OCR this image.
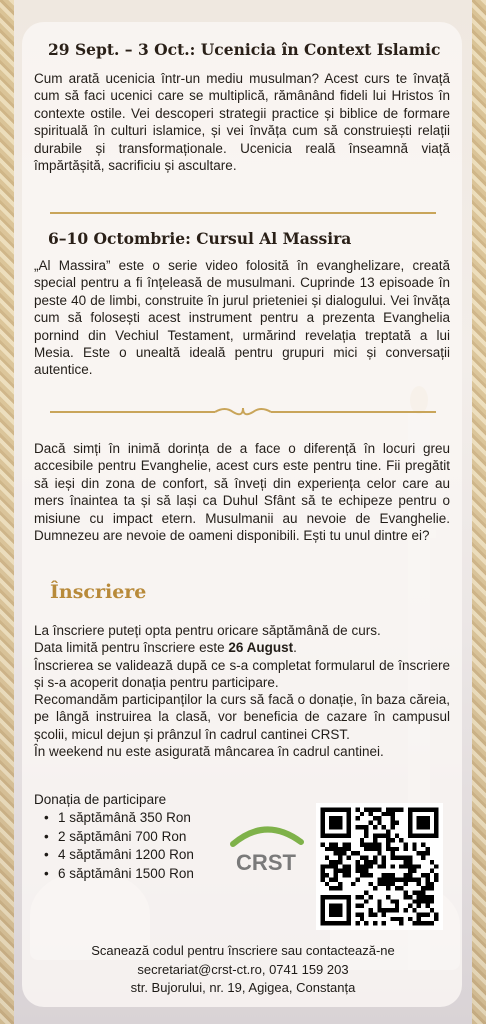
29 Sept. – 3 Oct.: Ucenicia în Context Islamic

Cum arată ucenicia într-un mediu musulman? Acest curs te învață cum să faci ucenici care se multiplică, rămânând fideli lui Hristos în contexte ostile. Vei descoperi strategii practice și biblice de formare spirituală în culturi islamice, și vei învăța cum să construiești relații durabile și transformaționale. Ucenicia reală înseamnă viață împărtășită, sacrificiu și ascultare.

6–10 Octombrie: Cursul Al Massira

„Al Massira” este o serie video folosită în evanghelizare, creată special pentru a fi înțeleasă de musulmani. Cuprinde 13 episoade în peste 40 de limbi, construite în jurul prieteniei și dialogului. Vei învăța cum să folosești acest instrument pentru a prezenta Evanghelia pornind din Vechiul Testament, urmărind revelația treptată a lui Mesia. Este o unealtă ideală pentru grupuri mici și conversații autentice.

Dacă simți în inimă dorința de a face o diferență în locuri greu accesibile pentru Evanghelie, acest curs este pentru tine. Fii pregătit să ieși din zona de confort, să înveți din experiența celor care au mers înaintea ta și să lași ca Duhul Sfânt să te echipeze pentru o misiune cu impact etern. Musulmanii au nevoie de Evanghelie. Dumnezeu are nevoie de oameni disponibili. Ești tu unul dintre ei?

Înscriere

La înscriere puteți opta pentru oricare săptămână de curs.

Data limită pentru înscriere este 26 August.

Înscrierea se validează după ce s-a completat formularul de înscriere și s-a acoperit donația pentru participare.

Recomandăm participanților la curs să facă o donație, în baza căreia, pe lângă instruirea la clasă, vor beneficia de cazare în campusul școlii, micul dejun și prânzul în cadrul cantinei CRST.

În weekend nu este asigurată mâncarea în cadrul cantinei.

Donația de participare
• 1 săptămână 350 Ron
• 2 săptămâni 700 Ron
• 4 săptămâni 1200 Ron
• 6 săptămâni 1500 Ron	CRST
Scanează codul pentru înscriere sau contactează-ne
secretariat@crst-ct.ro, 0741 159 203
str. Bujorului, nr. 19, Agigea, Constanța
